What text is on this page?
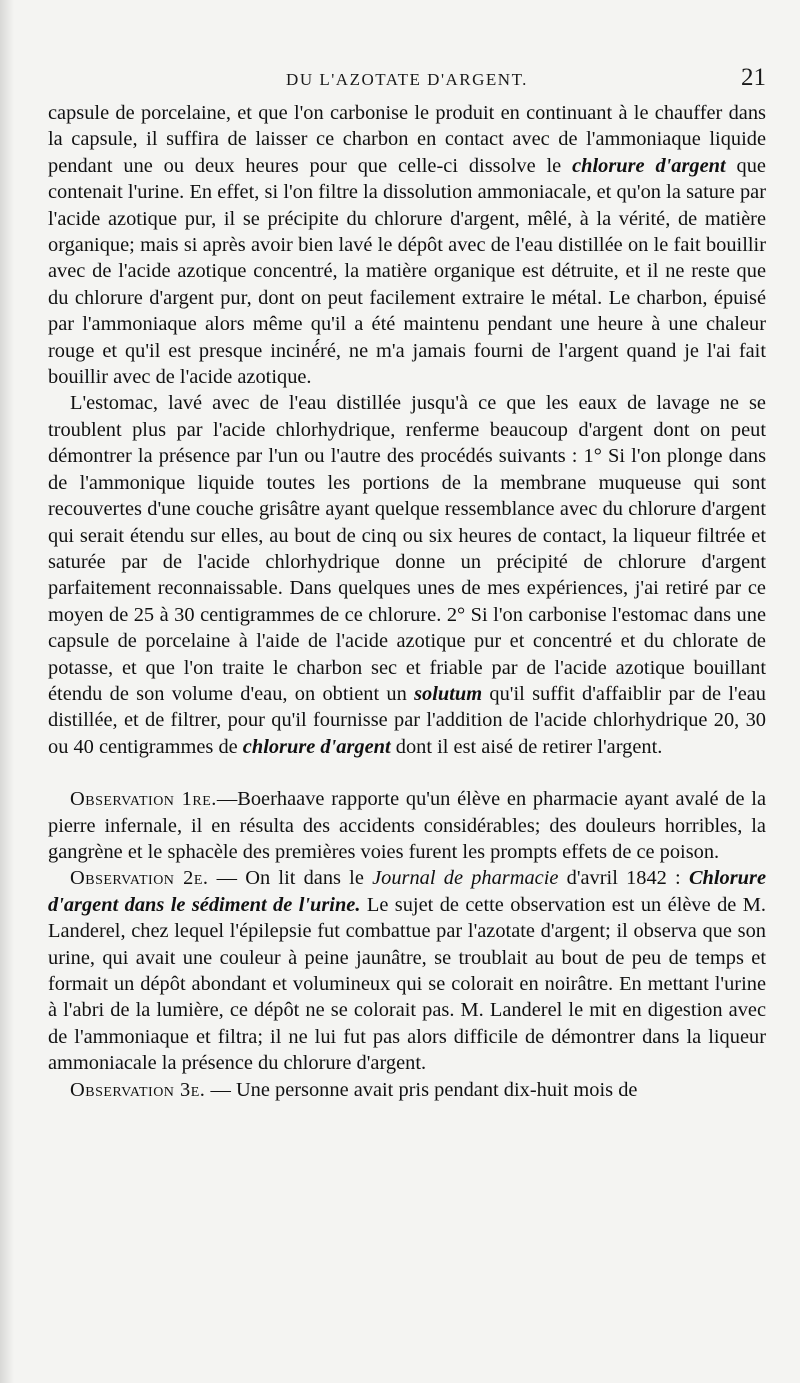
DU L'AZOTATE D'ARGENT.	21

capsule de porcelaine, et que l'on carbonise le produit en continuant à le chauffer dans la capsule, il suffira de laisser ce charbon en contact avec de l'ammoniaque liquide pendant une ou deux heures pour que celle-ci dissolve le chlorure d'argent que contenait l'urine. En effet, si l'on filtre la dissolution ammoniacale, et qu'on la sature par l'acide azotique pur, il se précipite du chlorure d'argent, mêlé, à la vérité, de matière organique; mais si après avoir bien lavé le dépôt avec de l'eau distillée on le fait bouillir avec de l'acide azotique concentré, la matière organique est détruite, et il ne reste que du chlorure d'argent pur, dont on peut facilement extraire le métal. Le charbon, épuisé par l'ammoniaque alors même qu'il a été maintenu pendant une heure à une chaleur rouge et qu'il est presque inciné́ré, ne m'a jamais fourni de l'argent quand je l'ai fait bouillir avec de l'acide azotique.

L'estomac, lavé avec de l'eau distillée jusqu'à ce que les eaux de lavage ne se troublent plus par l'acide chlorhydrique, renferme beaucoup d'argent dont on peut démontrer la présence par l'un ou l'autre des procédés suivants : 1° Si l'on plonge dans de l'ammonique liquide toutes les portions de la membrane muqueuse qui sont recouvertes d'une couche grisâtre ayant quelque ressemblance avec du chlorure d'argent qui serait étendu sur elles, au bout de cinq ou six heures de contact, la liqueur filtrée et saturée par de l'acide chlorhydrique donne un précipité de chlorure d'argent parfaitement reconnaissable. Dans quelques unes de mes expériences, j'ai retiré par ce moyen de 25 à 30 centigrammes de ce chlorure. 2° Si l'on carbonise l'estomac dans une capsule de porcelaine à l'aide de l'acide azotique pur et concentré et du chlorate de potasse, et que l'on traite le charbon sec et friable par de l'acide azotique bouillant étendu de son volume d'eau, on obtient un solutum qu'il suffit d'affaiblir par de l'eau distillée, et de filtrer, pour qu'il fournisse par l'addition de l'acide chlorhydrique 20, 30 ou 40 centigrammes de chlorure d'argent dont il est aisé de retirer l'argent.

Observation 1re.—Boerhaave rapporte qu'un élève en pharmacie ayant avalé de la pierre infernale, il en résulta des accidents considérables; des douleurs horribles, la gangrène et le sphacèle des premières voies furent les prompts effets de ce poison.

Observation 2e. — On lit dans le Journal de pharmacie d'avril 1842 : Chlorure d'argent dans le sédiment de l'urine. Le sujet de cette observation est un élève de M. Landerel, chez lequel l'épilepsie fut combattue par l'azotate d'argent; il observa que son urine, qui avait une couleur à peine jaunâtre, se troublait au bout de peu de temps et formait un dépôt abondant et volumineux qui se colorait en noirâtre. En mettant l'urine à l'abri de la lumière, ce dépôt ne se colorait pas. M. Landerel le mit en digestion avec de l'ammoniaque et filtra; il ne lui fut pas alors difficile de démontrer dans la liqueur ammoniacale la présence du chlorure d'argent.

Observation 3e. — Une personne avait pris pendant dix-huit mois de
